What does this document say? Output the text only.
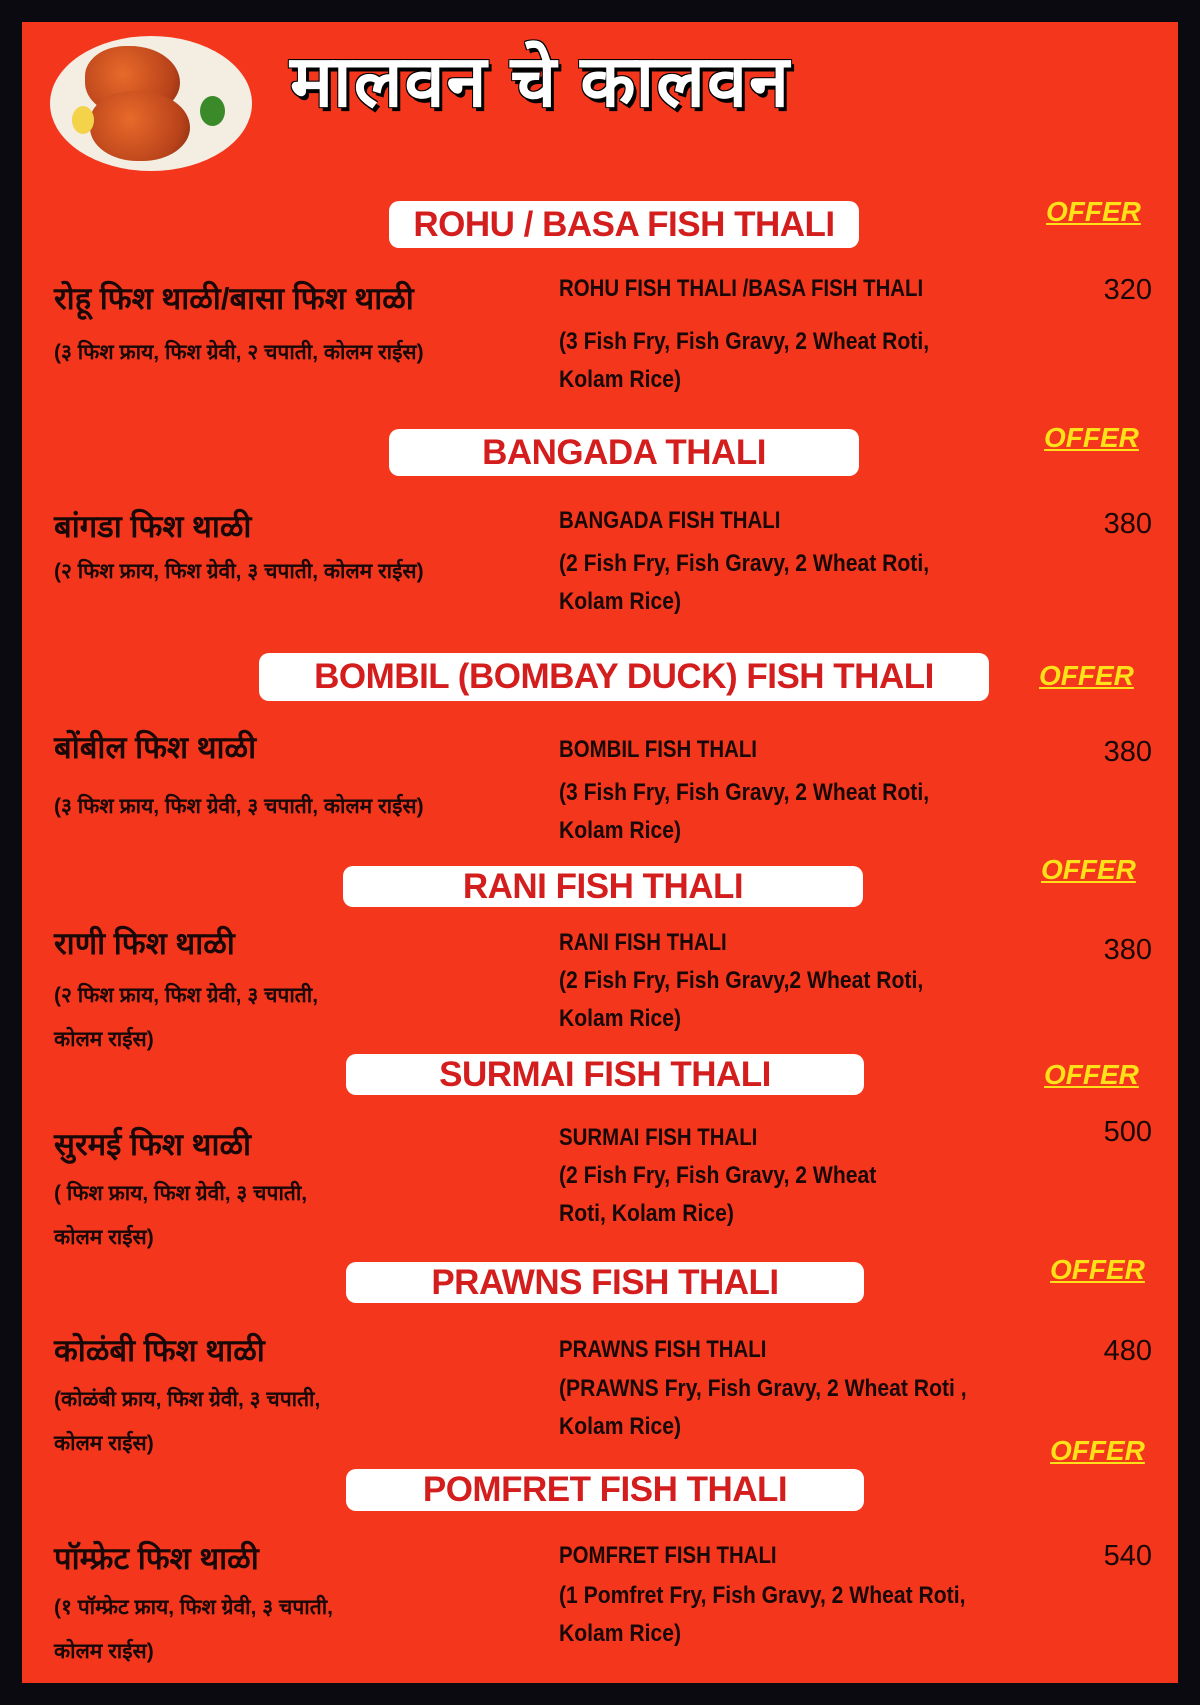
मालवन चे कालवन
ROHU / BASA FISH THALI	OFFER
रोहू फिश थाळी/बासा फिश थाळी
(३ फिश फ्राय, फिश ग्रेवी, २ चपाती, कोलम राईस)
ROHU FISH THALI /BASA FISH THALI
(3 Fish Fry, Fish Gravy, 2 Wheat Roti,
Kolam Rice)
320
BANGADA THALI	OFFER
बांगडा फिश थाळी
(२ फिश फ्राय, फिश ग्रेवी, ३ चपाती, कोलम राईस)
BANGADA FISH THALI
(2 Fish Fry, Fish Gravy, 2 Wheat Roti,
Kolam Rice)
380
BOMBIL (BOMBAY DUCK) FISH THALI	OFFER
बोंबील फिश थाळी
(३ फिश फ्राय, फिश ग्रेवी, ३ चपाती, कोलम राईस)
BOMBIL FISH THALI
(3 Fish Fry, Fish Gravy, 2 Wheat Roti,
Kolam Rice)
380
RANI FISH THALI	OFFER
राणी फिश थाळी
(२ फिश फ्राय, फिश ग्रेवी, ३ चपाती,
कोलम राईस)
RANI FISH THALI
(2 Fish Fry, Fish Gravy,2 Wheat Roti,
Kolam Rice)
380
SURMAI FISH THALI	OFFER
सुरमई फिश थाळी
( फिश फ्राय, फिश ग्रेवी, ३ चपाती,
कोलम राईस)
SURMAI FISH THALI
(2 Fish Fry, Fish Gravy, 2 Wheat
Roti, Kolam Rice)
500
PRAWNS FISH THALI	OFFER
कोळंबी फिश थाळी
(कोळंबी फ्राय, फिश ग्रेवी, ३ चपाती,
कोलम राईस)
PRAWNS FISH THALI
(PRAWNS Fry, Fish Gravy, 2 Wheat Roti ,
Kolam Rice)
480
POMFRET FISH THALI
OFFER
पॉम्फ्रेट फिश थाळी
(१ पॉम्फ्रेट फ्राय, फिश ग्रेवी, ३ चपाती,
कोलम राईस)
POMFRET FISH THALI
(1 Pomfret Fry, Fish Gravy, 2 Wheat Roti,
Kolam Rice)
540
